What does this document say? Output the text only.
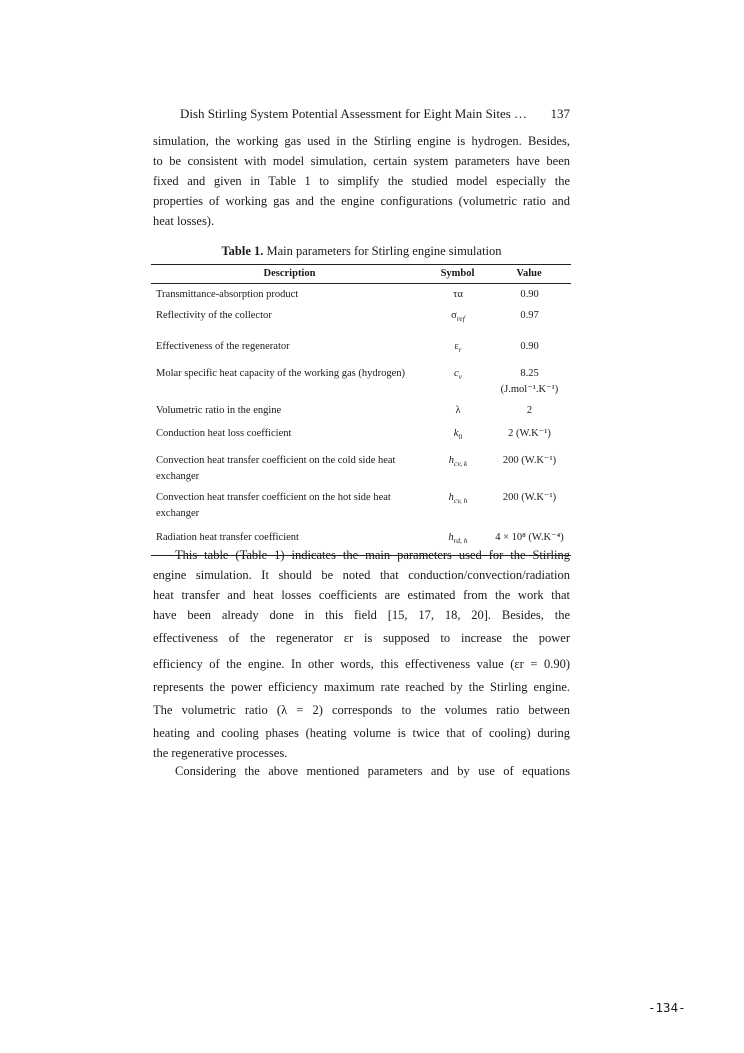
Dish Stirling System Potential Assessment for Eight Main Sites … 137
simulation, the working gas used in the Stirling engine is hydrogen. Besides,
to be consistent with model simulation, certain system parameters have been
fixed and given in Table 1 to simplify the studied model especially the
properties of working gas and the engine configurations (volumetric ratio and
heat losses).
Table 1. Main parameters for Stirling engine simulation
Description	Symbol	Value
Transmittance-absorption product	τα	0.90
Reflectivity of the collector	$\sigma_{ref}$	0.97
Effectiveness of the regenerator	$\varepsilon_r$	0.90
Molar specific heat capacity of the working gas (hydrogen)	$c_v$	8.25 (J.mol⁻¹.K⁻¹)
Volumetric ratio in the engine	λ	2
Conduction heat loss coefficient	$k_0$	2 (W.K⁻¹)
Convection heat transfer coefficient on the cold side heat exchanger	$h_{cv, k}$	200 (W.K⁻¹)
Convection heat transfer coefficient on the hot side heat exchanger	$h_{cv, h}$	200 (W.K⁻¹)
Radiation heat transfer coefficient	$h_{rd, h}$	4 × 10⁸ (W.K⁻⁴)
This table (Table 1) indicates the main parameters used for the Stirling
engine simulation. It should be noted that conduction/convection/radiation
heat transfer and heat losses coefficients are estimated from the work that
have been already done in this field [15, 17, 18, 20]. Besides, the
effectiveness of the regenerator εr is supposed to increase the power
efficiency of the engine. In other words, this effectiveness value (εr = 0.90)
represents the power efficiency maximum rate reached by the Stirling engine.
The volumetric ratio (λ = 2) corresponds to the volumes ratio between
heating and cooling phases (heating volume is twice that of cooling) during
the regenerative processes.
Considering the above mentioned parameters and by use of equations
-134-
